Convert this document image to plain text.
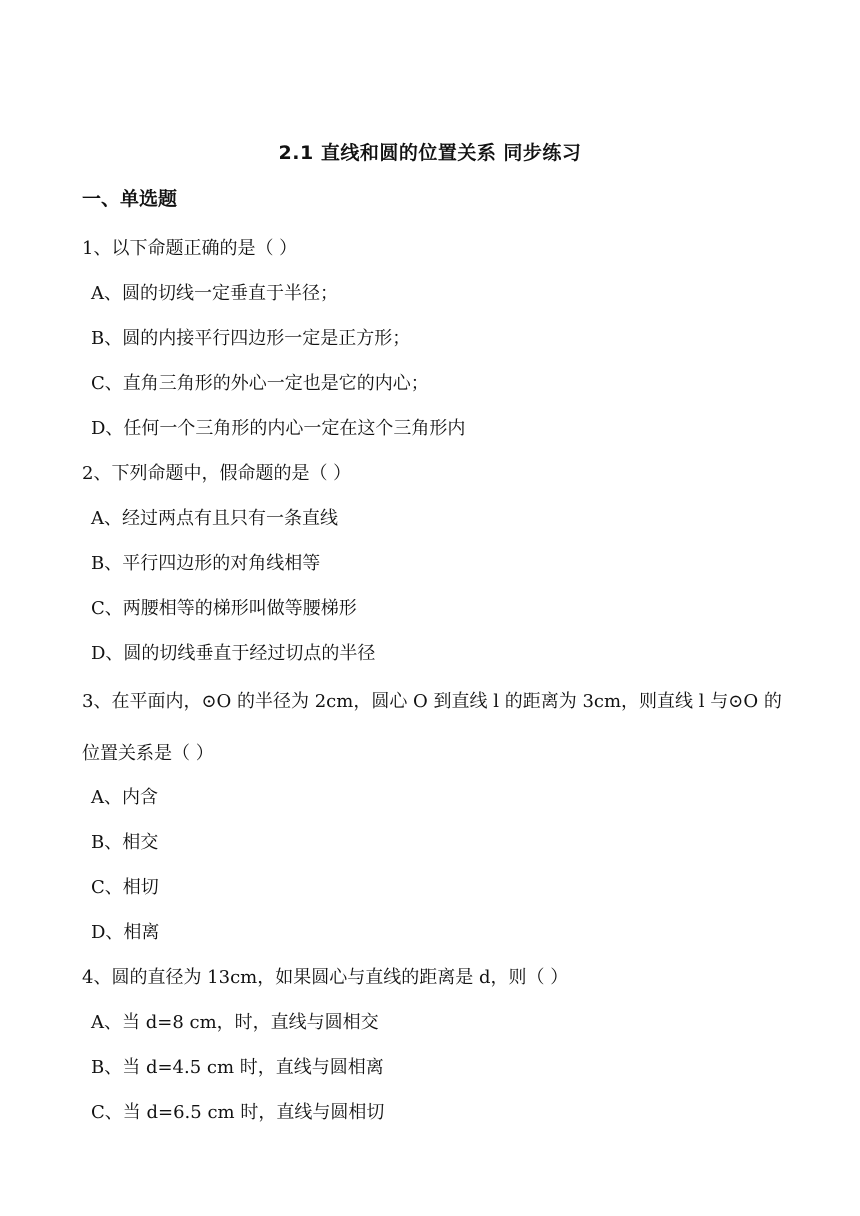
2.1 直线和圆的位置关系 同步练习
一、单选题
1、以下命题正确的是（ ）
A、圆的切线一定垂直于半径；
B、圆的内接平行四边形一定是正方形；
C、直角三角形的外心一定也是它的内心；
D、任何一个三角形的内心一定在这个三角形内
2、下列命题中，假命题的是（ ）
A、经过两点有且只有一条直线
B、平行四边形的对角线相等
C、两腰相等的梯形叫做等腰梯形
D、圆的切线垂直于经过切点的半径
3、在平面内，⊙O 的半径为 2cm，圆心 O 到直线 l 的距离为 3cm，则直线 l 与⊙O 的位置关系是（ ）
A、内含
B、相交
C、相切
D、相离
4、圆的直径为 13cm，如果圆心与直线的距离是 d，则（ ）
A、当 d=8 cm，时，直线与圆相交
B、当 d=4.5 cm 时，直线与圆相离
C、当 d=6.5 cm 时，直线与圆相切
